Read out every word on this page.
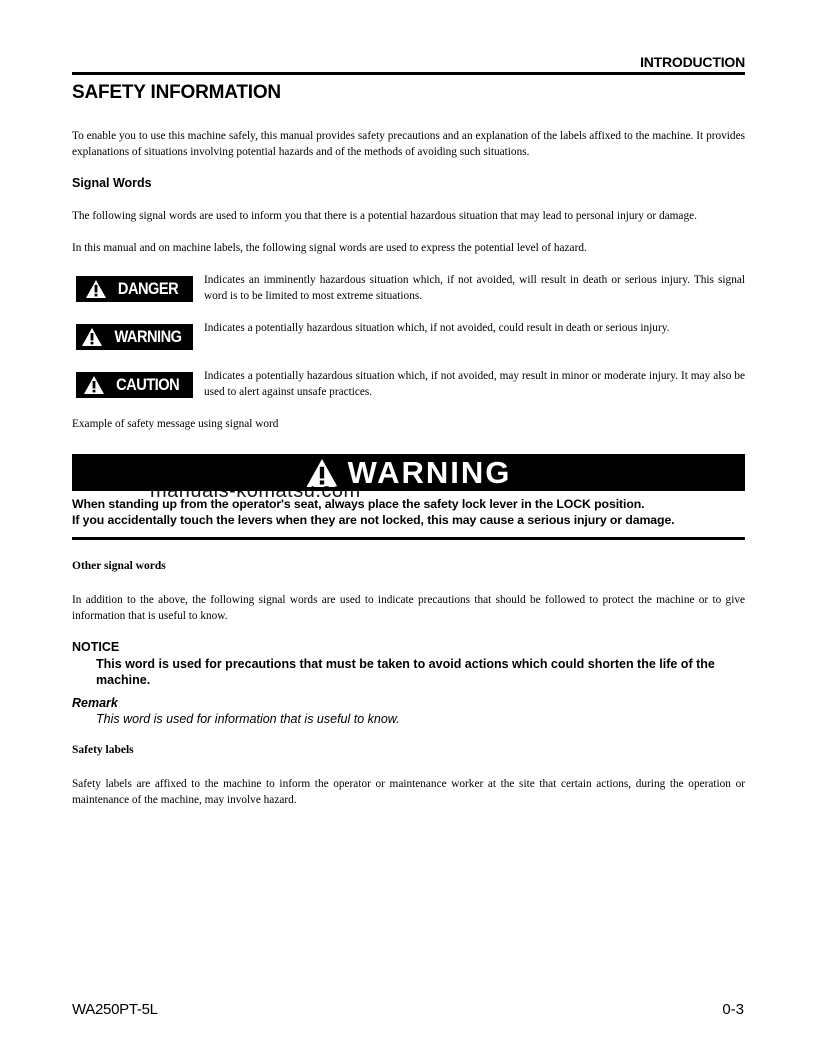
INTRODUCTION
SAFETY INFORMATION
To enable you to use this machine safely, this manual provides safety precautions and an explanation of the labels affixed to the machine. It provides explanations of situations involving potential hazards and of the methods of avoiding such situations.
Signal Words
The following signal words are used to inform you that there is a potential hazardous situation that may lead to personal injury or damage.
In this manual and on machine labels, the following signal words are used to express the potential level of hazard.
DANGER Indicates an imminently hazardous situation which, if not avoided, will result in death or serious injury. This signal word is to be limited to most extreme situations.
WARNING Indicates a potentially hazardous situation which, if not avoided, could result in death or serious injury.
CAUTION Indicates a potentially hazardous situation which, if not avoided, may result in minor or moderate injury. It may also be used to alert against unsafe practices.
Example of safety message using signal word
WARNING
manuals-komatsu.com
When standing up from the operator's seat, always place the safety lock lever in the LOCK position.
If you accidentally touch the levers when they are not locked, this may cause a serious injury or damage.
Other signal words
In addition to the above, the following signal words are used to indicate precautions that should be followed to protect the machine or to give information that is useful to know.
NOTICE
This word is used for precautions that must be taken to avoid actions which could shorten the life of the machine.
Remark
This word is used for information that is useful to know.
Safety labels
Safety labels are affixed to the machine to inform the operator or maintenance worker at the site that certain actions, during the operation or maintenance of the machine, may involve hazard.
WA250PT-5L	0-3
